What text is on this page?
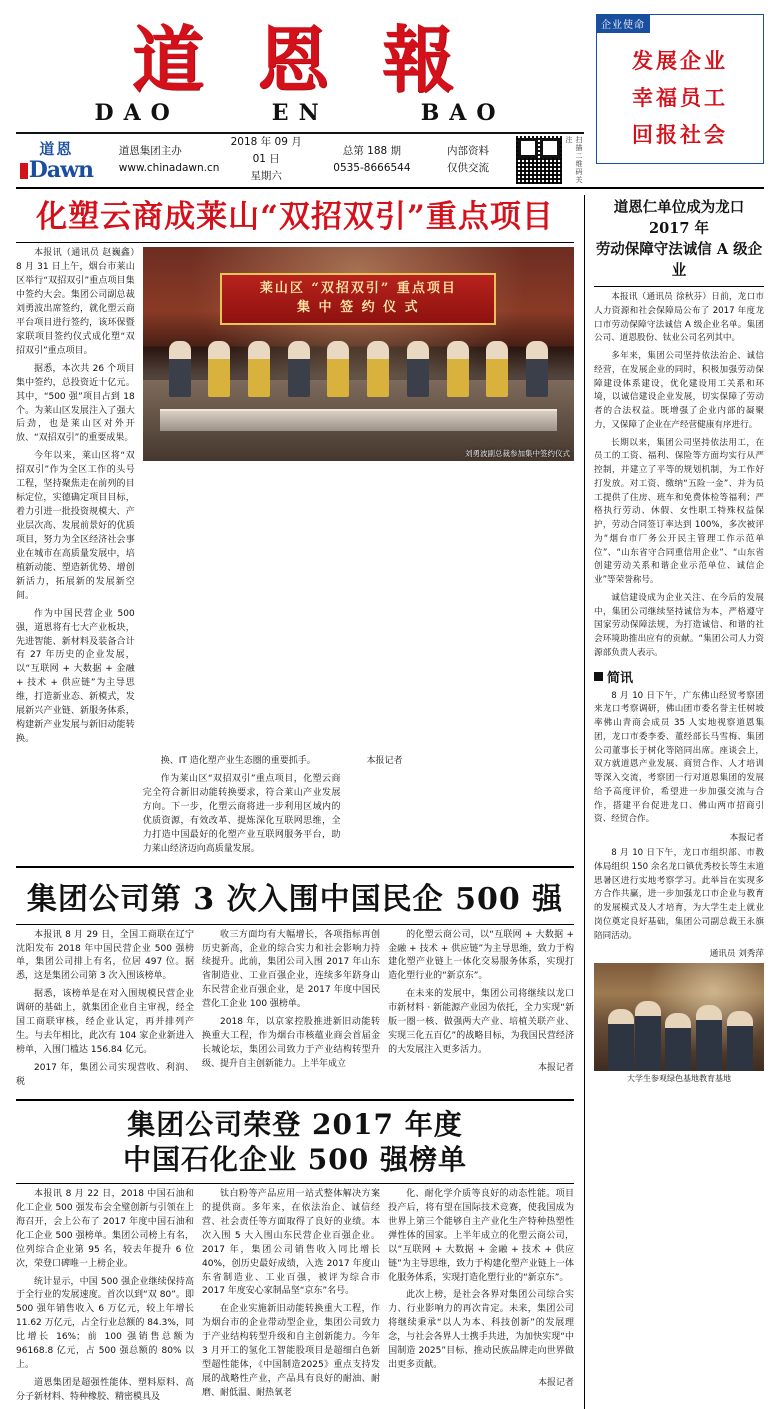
道 恩 報
DAO	EN	BAO
道恩
Dawn
道恩集团主办
www.chinadawn.cn
2018 年 09 月 01 日
星期六
总第 188 期
0535-8666544
内部资料
仅供交流	扫描二维码关注
企业使命
发展企业
幸福员工
回报社会
化塑云商成莱山“双招双引”重点项目

本报讯（通讯员 赵巍鑫）8 月 31 日上午，烟台市莱山区举行“双招双引”重点项目集中签约大会。集团公司副总裁刘勇波出席签约，就化塑云商平台项目进行签约，该环保暨家联项目签约仪式成化塑“双招双引”重点项目。

据悉，本次共 26 个项目集中签约，总投资近十亿元。其中，“500 强”项目占到 18 个。为莱山区发展注入了强大后劲，也是莱山区对外开放、“双招双引”的重要成果。

今年以来，莱山区将“双招双引”作为全区工作的头号工程，坚持聚焦走在前列的目标定位，实德确定项目目标，着力引进一批投资规模大、产业层次高、发展前景好的优质项目，努力为全区经济社会事业在城市在高质量发展中，培植新动能、塑造新优势、增创新活力，拓展新的发展新空间。

作为中国民营企业 500 强，道恩将有七大产业板块，先进智能、新材料及装备合计有 27 年历史的企业发展，以“互联网 + 大数据 + 金融 + 技术 + 供应链”为主导思维，打造新业态、新模式，发展新兴产业链、新服务体系，构建新产业发展与新旧动能转换。

莱山区 “双招双引” 重点项目
集 中 签 约 仪 式
刘勇波副总裁参加集中签约仪式

换、IT 造化塑产业生态圈的重要抓手。

作为莱山区“双招双引”重点项目，化塑云商完全符合新旧动能转换要求，符合莱山产业发展方向。下一步，化塑云商将进一步利用区域内的优质资源，有效改革、提炼深化互联网思维，全力打造中国最好的化塑产业互联网服务平台，助力莱山经济迈向高质量发展。

本报记者

集团公司第 3 次入围中国民企 500 强

本报讯 8 月 29 日，全国工商联在辽宁沈阳发布 2018 年中国民营企业 500 强榜单，集团公司排上有名，位居 497 位。据悉，这是集团公司第 3 次入围该榜单。

据悉，该榜单是在对入围规模民营企业调研的基础上，就集团企业自主审视，经全国工商联审核，经企业认定，再并排列产生。与去年相比，此次有 104 家企业新进入榜单，入围门槛达 156.84 亿元。

2017 年，集团公司实现营收、利润、税

收三方面均有大幅增长，各项指标再创历史新高，企业的综合实力和社会影响力持续提升。此前，集团公司入围 2017 年山东省制造业、工业百强企业，连续多年跻身山东民营企业百强企业，是 2017 年度中国民营化工企业 100 强榜单。

2018 年，以京家控股推进新旧动能转换重大工程，作为烟台市核蕴业商会首届金长城论坛，集团公司致力于产业结构转型升级、提升自主创新能力。上半年成立

的化塑云商公司，以“互联网 + 大数据 + 金融 + 技术 + 供应链”为主导思维，致力于构建化塑产业链上一体化交易服务体系，实现打造化塑行业的“新京东”。

在未来的发展中，集团公司将继续以龙口市新材料 · 新能源产业园为依托，全力实现“新版一圈一核、做强两大产业、培植关联产业、实现三化五百亿”的战略目标，为我国民营经济的大发展注入更多活力。

本报记者

集团公司荣登 2017 年度
中国石化企业 500 强榜单

本报讯 8 月 22 日，2018 中国石油和化工企业 500 强发布会全璧创新与引领在上海召开，会上公布了 2017 年度中国石油和化工企业 500 强榜单。集团公司榜上有名，位列综合企业第 95 名，较去年提升 6 位次，荣登口碑唯一上榜企业。

统计显示，中国 500 强企业继续保持高于全行业的发展速度。首次以到“双 80”。即 500 强年销售收入 6 万亿元，较上年增长 11.62 万亿元，占全行业总额的 84.3%，同比增长 16%；前 100 强销售总额为 96168.8 亿元，占 500 强总额的 80% 以上。

道恩集团是超强性能体、塑料原料、高分子新材料、特种橡胶、精密模具及

钛白粉等产品应用一站式整体解决方案的提供商。多年来，在依法治企、诚信经营、社会责任等方面取得了良好的业绩。本次入围 5 大入围山东民营企业百强企业。2017 年，集团公司销售收入同比增长 40%，创历史最好成绩，入选 2017 年度山东省制造业、工业百强，被评为综合市 2017 年度安心家制品坚“京东”名号。

在企业实施新旧动能转换重大工程，作为烟台市的企业带动型企业，集团公司致力于产业结构转型升级和自主创新能力。今年 3 月开工的氢化工智能股项目是超细白色新型超性能体，《中国制造2025》重点支持发展的战略性产业，产品具有良好的耐油、耐磨、耐低温、耐热氧老

化、耐化学介质等良好的动态性能。项目投产后，将有望在国际技术竞赛，使我国成为世界上第三个能够自主产业化生产特种热塑性弹性体的国家。上半年成立的化塑云商公司，以“互联网 + 大数据 + 金融 + 技术 + 供应链”为主导思维，致力于构建化塑产业链上一体化服务体系，实现打造化塑行业的“新京东”。

此次上榜，是社会各界对集团公司综合实力、行业影响力的再次肯定。未来，集团公司将继续秉承“以人为本、科技创新”的发展理念，与社会各界人士携手共进，为加快实现“中国制造 2025”目标、推动民族品牌走向世界做出更多贡献。

本报记者

道恩仁单位成为龙口 2017 年
劳动保障守法诚信 A 级企业

本报讯（通讯员 徐秋芬）日前，龙口市人力资源和社会保障局公布了 2017 年度龙口市劳动保障守法诚信 A 级企业名单。集团公司、道恩股份、钛业公司名列其中。

多年来，集团公司坚持依法治企、诚信经营，在发展企业的同时，积极加强劳动保障建设体系建设，优化建设用工关系和环境，以诚信建设企业发展，切实保障了劳动者的合法权益。既增强了企业内部的凝聚力，又保障了企业在产经营健康有序进行。

长期以来，集团公司坚持依法用工，在员工的工资、福利、保险等方面均实行从严控制，并建立了平等的规划机制，为工作好打发放。对工资、缴纳“五险一金”、并为员工提供了住房、班车和免费体检等福利；严格执行劳动、休假、女性职工特殊权益保护，劳动合同签订率达到 100%，多次被评为“烟台市厂务公开民主管理工作示范单位”、“山东省守合同重信用企业”、“山东省创建劳动关系和谐企业示范单位、诚信企业”等荣誉称号。

诚信建设成为企业关注、在今后的发展中，集团公司继续坚持诚信为本，严格遵守国家劳动保障法规，为打造诚信、和谐的社会环境助推出应有的贡献。“集团公司人力资源部负责人表示。

简讯

8 月 10 日下午，广东佛山经贸考察团来龙口考察调研，佛山团市委名誉主任树坡率佛山青商会成员 35 人实地视察道恩集团，龙口市委李委、董经部长马雪梅、集团公司董事长于树化等陪同出席。座谈会上，双方就道恩产业发展、商贸合作、人才培训等深入交流，考察团一行对道恩集团的发展给予高度评价，希望进一步加强交流与合作，搭建平台促进龙口、佛山两市招商引资、经贸合作。

本报记者

8 月 10 日下午，龙口市组织部、市教体局组织 150 余名龙口镇优秀校长等生末道思暑区进行实地考察学习。此举旨在实现多方合作共赢，进一步加强龙口市企业与教育的发展模式及人才培育，为大学生走上就业岗位奠定良好基础，集团公司副总裁王永旗陪同活动。

通讯员 刘秀萍
大学生参观绿色基地教育基地
